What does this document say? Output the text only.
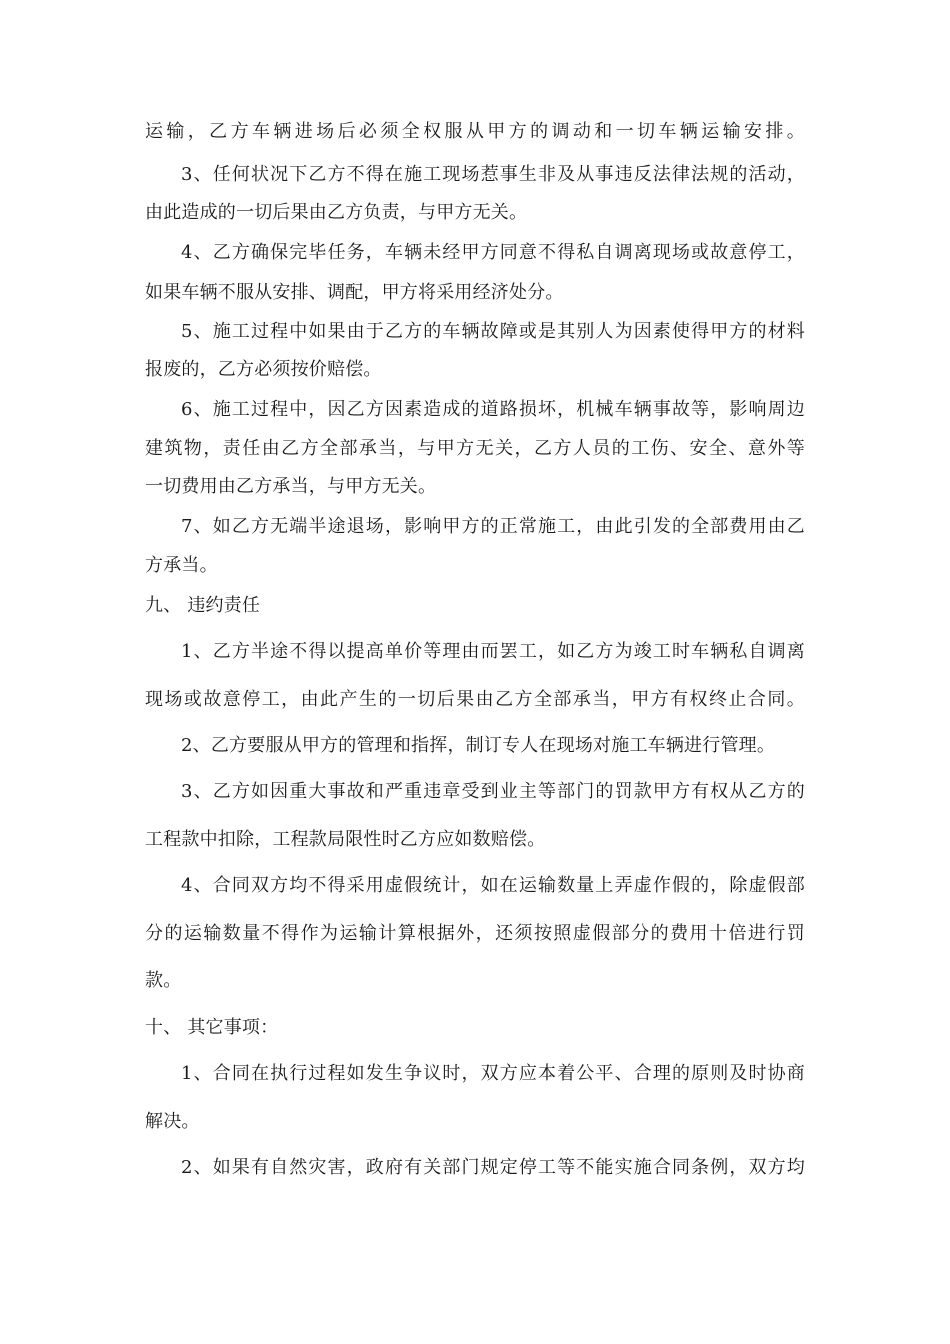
运输，乙方车辆进场后必须全权服从甲方的调动和一切车辆运输安排。
3、任何状况下乙方不得在施工现场惹事生非及从事违反法律法规的活动，
由此造成的一切后果由乙方负责，与甲方无关。
4、乙方确保完毕任务，车辆未经甲方同意不得私自调离现场或故意停工，
如果车辆不服从安排、调配，甲方将采用经济处分。
5、施工过程中如果由于乙方的车辆故障或是其别人为因素使得甲方的材料
报废的，乙方必须按价赔偿。
6、施工过程中，因乙方因素造成的道路损坏，机械车辆事故等，影响周边
建筑物，责任由乙方全部承当，与甲方无关，乙方人员的工伤、安全、意外等
一切费用由乙方承当，与甲方无关。
7、如乙方无端半途退场，影响甲方的正常施工，由此引发的全部费用由乙
方承当。
九、 违约责任
1、乙方半途不得以提高单价等理由而罢工，如乙方为竣工时车辆私自调离
现场或故意停工，由此产生的一切后果由乙方全部承当，甲方有权终止合同。
2、乙方要服从甲方的管理和指挥，制订专人在现场对施工车辆进行管理。
3、乙方如因重大事故和严重违章受到业主等部门的罚款甲方有权从乙方的
工程款中扣除，工程款局限性时乙方应如数赔偿。
4、合同双方均不得采用虚假统计，如在运输数量上弄虚作假的，除虚假部
分的运输数量不得作为运输计算根据外，还须按照虚假部分的费用十倍进行罚
款。
十、 其它事项：
1、合同在执行过程如发生争议时，双方应本着公平、合理的原则及时协商
解决。
2、如果有自然灾害，政府有关部门规定停工等不能实施合同条例，双方均
